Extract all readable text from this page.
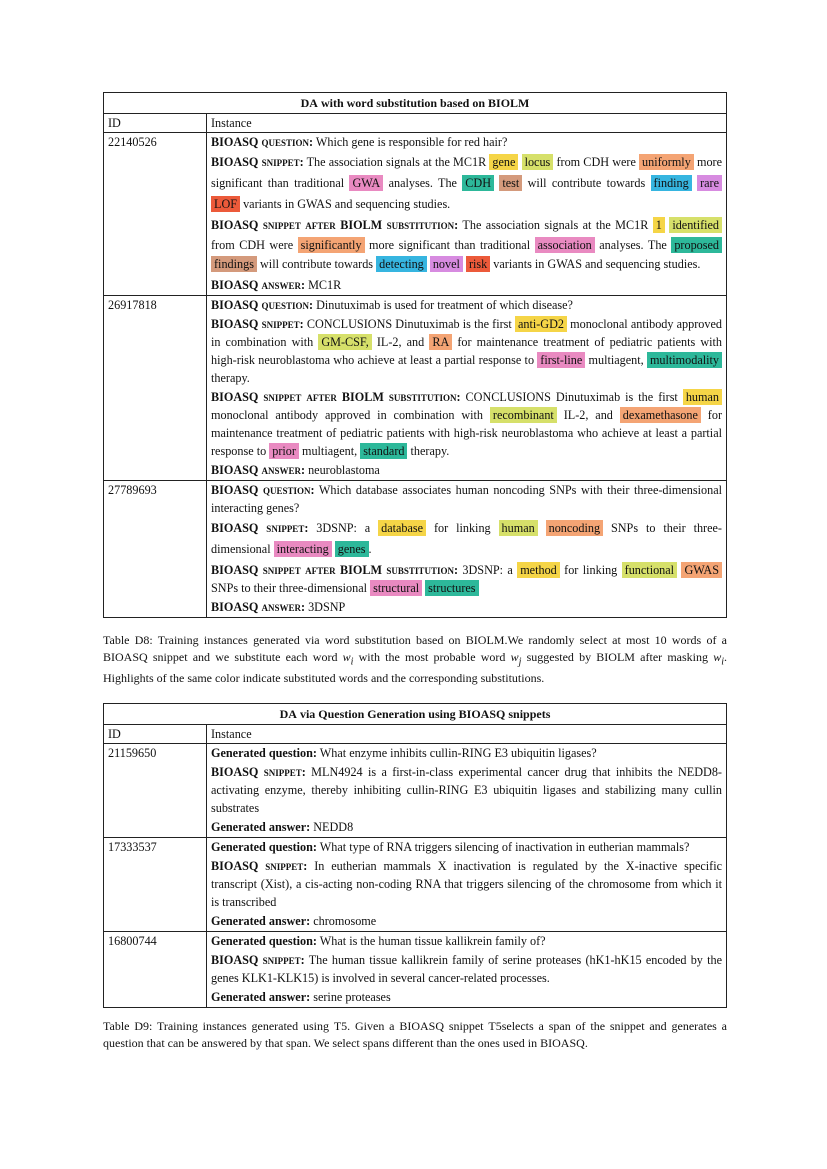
DA with word substitution based on BIOLM	
ID	Instance
22140526	BIOASQ question: Which gene is responsible for red hair?

BIOASQ snippet: The association signals at the MC1R gene locus from CDH were uniformly more significant than traditional GWA analyses. The CDH test will contribute towards finding rare LOF variants in GWAS and sequencing studies.

BIOASQ snippet after BIOLM substitution: The association signals at the MC1R 1 identified from CDH were significantly more significant than traditional association analyses. The proposed findings will contribute towards detecting novel risk variants in GWAS and sequencing studies.

BIOASQ answer: MC1R

26917818	BIOASQ question: Dinutuximab is used for treatment of which disease?

BIOASQ snippet: CONCLUSIONS Dinutuximab is the first anti-GD2 monoclonal antibody approved in combination with GM-CSF, IL-2, and RA for maintenance treatment of pediatric patients with high-risk neuroblastoma who achieve at least a partial response to first-line multiagent, multimodality therapy.

BIOASQ snippet after BIOLM substitution: CONCLUSIONS Dinutuximab is the first human monoclonal antibody approved in combination with recombinant IL-2, and dexamethasone for maintenance treatment of pediatric patients with high-risk neuroblastoma who achieve at least a partial response to prior multiagent, standard therapy.

BIOASQ answer: neuroblastoma

27789693	BIOASQ question: Which database associates human noncoding SNPs with their three-dimensional interacting genes?

BIOASQ snippet: 3DSNP: a database for linking human noncoding SNPs to their three-dimensional interacting genes .

BIOASQ snippet after BIOLM substitution: 3DSNP: a method for linking functional GWAS SNPs to their three-dimensional structural structures

BIOASQ answer: 3DSNP

Table D8: Training instances generated via word substitution based on BIOLM.We randomly select at most 10 words of a BIOASQ snippet and we substitute each word $w_i$ with the most probable word $w_j$ suggested by BIOLM after masking $w_i$. Highlights of the same color indicate substituted words and the corresponding substitutions.

DA via Question Generation using BIOASQ snippets	
ID	Instance
21159650	Generated question: What enzyme inhibits cullin-RING E3 ubiquitin ligases?

BIOASQ snippet: MLN4924 is a first-in-class experimental cancer drug that inhibits the NEDD8-activating enzyme, thereby inhibiting cullin-RING E3 ubiquitin ligases and stabilizing many cullin substrates

Generated answer: NEDD8

17333537	Generated question: What type of RNA triggers silencing of inactivation in eutherian mammals?

BIOASQ snippet: In eutherian mammals X inactivation is regulated by the X-inactive specific transcript (Xist), a cis-acting non-coding RNA that triggers silencing of the chromosome from which it is transcribed

Generated answer: chromosome

16800744	Generated question: What is the human tissue kallikrein family of?

BIOASQ snippet: The human tissue kallikrein family of serine proteases (hK1-hK15 encoded by the genes KLK1-KLK15) is involved in several cancer-related processes.

Generated answer: serine proteases

Table D9: Training instances generated using T5. Given a BIOASQ snippet T5selects a span of the snippet and generates a question that can be answered by that span. We select spans different than the ones used in BIOASQ.
